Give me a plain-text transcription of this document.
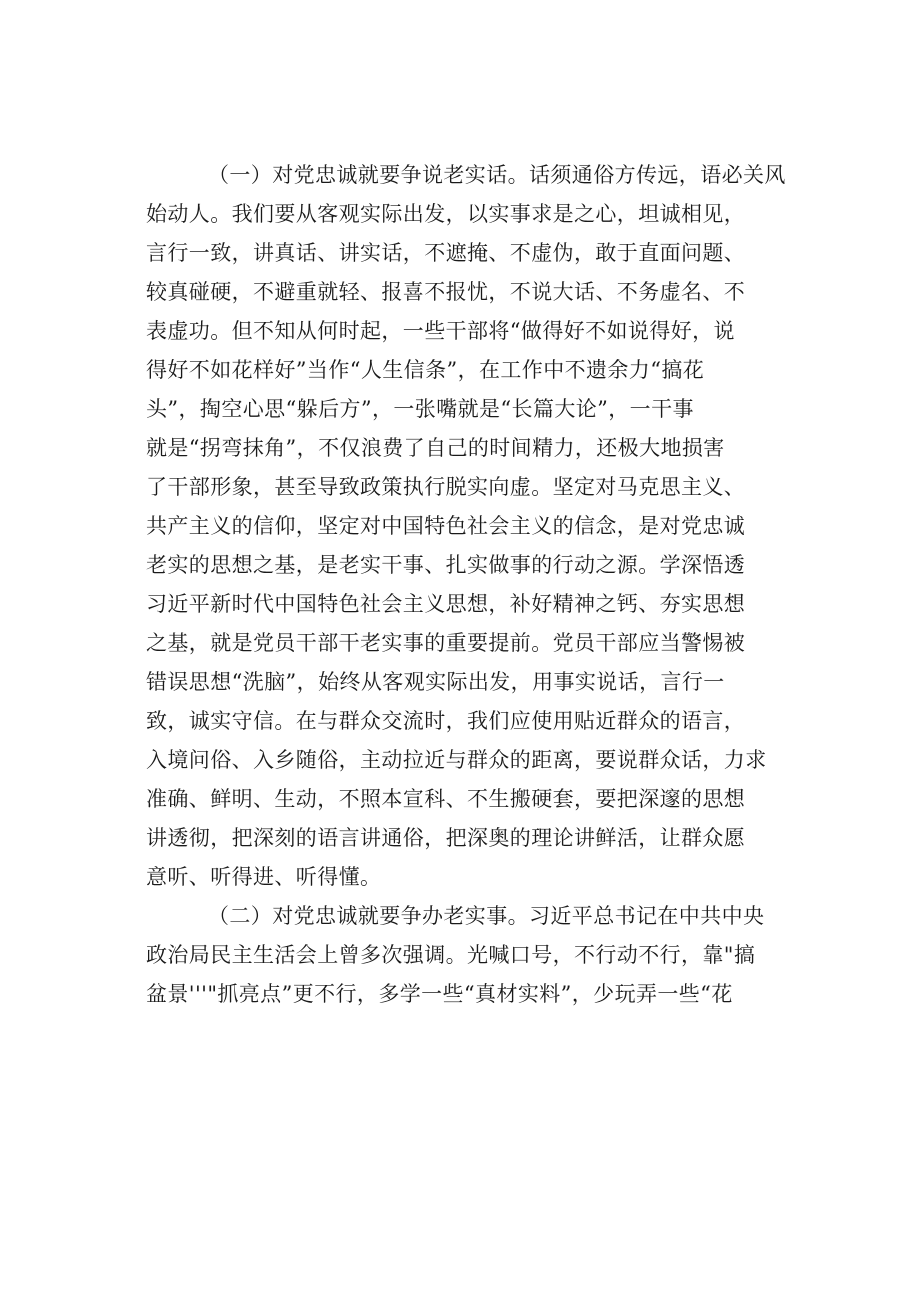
（一）对党忠诚就要争说老实话。话须通俗方传远，语必关风
始动人。我们要从客观实际出发，以实事求是之心，坦诚相见，
言行一致，讲真话、讲实话，不遮掩、不虚伪，敢于直面问题、
较真碰硬，不避重就轻、报喜不报忧，不说大话、不务虚名、不
表虚功。但不知从何时起，一些干部将“做得好不如说得好，说
得好不如花样好”当作“人生信条”，在工作中不遗余力“搞花
头”，掏空心思“躲后方”，一张嘴就是“长篇大论”，一干事
就是“拐弯抹角”，不仅浪费了自己的时间精力，还极大地损害
了干部形象，甚至导致政策执行脱实向虚。坚定对马克思主义、
共产主义的信仰，坚定对中国特色社会主义的信念，是对党忠诚
老实的思想之基，是老实干事、扎实做事的行动之源。学深悟透
习近平新时代中国特色社会主义思想，补好精神之钙、夯实思想
之基，就是党员干部干老实事的重要提前。党员干部应当警惕被
错误思想“洗脑”，始终从客观实际出发，用事实说话，言行一
致，诚实守信。在与群众交流时，我们应使用贴近群众的语言，
入境问俗、入乡随俗，主动拉近与群众的距离，要说群众话，力求
准确、鲜明、生动，不照本宣科、不生搬硬套，要把深邃的思想
讲透彻，把深刻的语言讲通俗，把深奥的理论讲鲜活，让群众愿
意听、听得进、听得懂。
（二）对党忠诚就要争办老实事。习近平总书记在中共中央
政治局民主生活会上曾多次强调。光喊口号，不行动不行，靠"搞
盆景'''"抓亮点”更不行，多学一些“真材实料”，少玩弄一些“花
